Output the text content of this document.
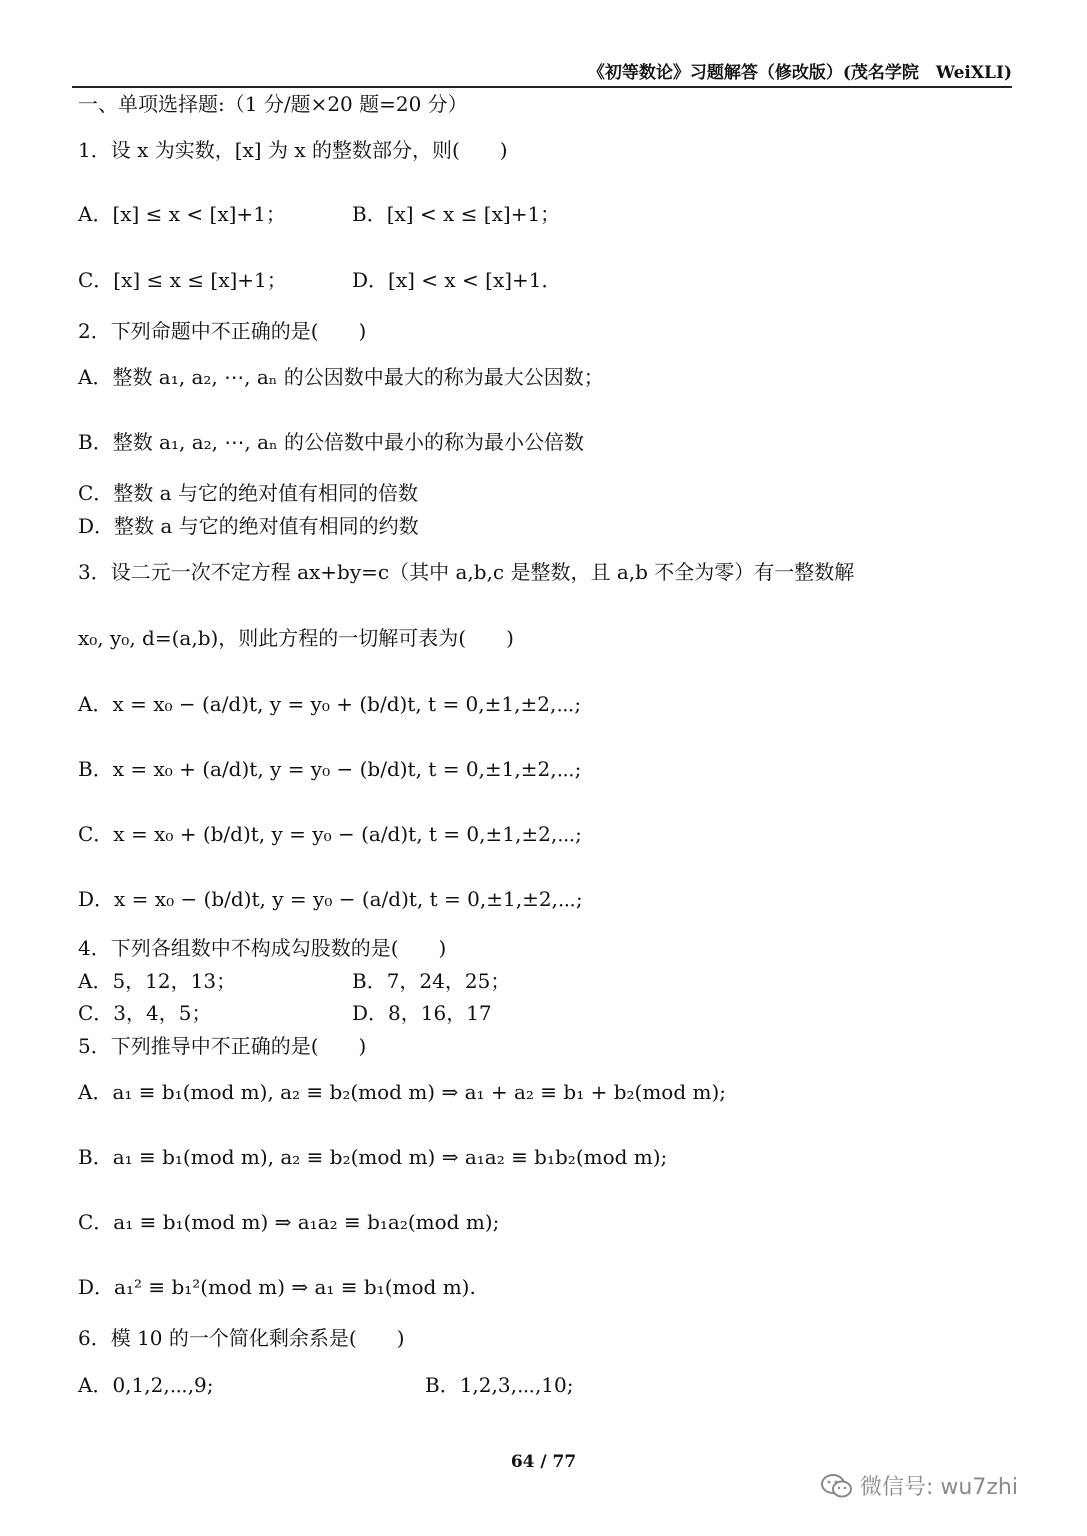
《初等数论》习题解答（修改版）(茂名学院　WeiXLI)
一、单项选择题:（1 分/题×20 题=20 分）
1．设 x 为实数，[x] 为 x 的整数部分，则(　　)
A．[x] ≤ x < [x]+1；
C．[x] ≤ x ≤ [x]+1；
2．下列命题中不正确的是(　　)
A．整数 a₁, a₂, ⋯, aₙ 的公因数中最大的称为最大公因数；
B．整数 a₁, a₂, ⋯, aₙ 的公倍数中最小的称为最小公倍数
C．整数 a 与它的绝对值有相同的倍数
D．整数 a 与它的绝对值有相同的约数
3．设二元一次不定方程 ax+by=c（其中 a,b,c 是整数，且 a,b 不全为零）有一整数解
x₀, y₀, d=(a,b)，则此方程的一切解可表为(　　)
A．x = x₀ − (a/d)t, y = y₀ + (b/d)t, t = 0,±1,±2,⋯;
B．x = x₀ + (a/d)t, y = y₀ − (b/d)t, t = 0,±1,±2,⋯;
C．x = x₀ + (b/d)t, y = y₀ − (a/d)t, t = 0,±1,±2,⋯;
D．x = x₀ − (b/d)t, y = y₀ − (a/d)t, t = 0,±1,±2,⋯;
4．下列各组数中不构成勾股数的是(　　)
A．5，12，13；
C．3，4，5；
5．下列推导中不正确的是(　　)
A．a₁ ≡ b₁(mod m), a₂ ≡ b₂(mod m) ⇒ a₁ + a₂ ≡ b₁ + b₂(mod m);
B．a₁ ≡ b₁(mod m), a₂ ≡ b₂(mod m) ⇒ a₁a₂ ≡ b₁b₂(mod m);
C．a₁ ≡ b₁(mod m) ⇒ a₁a₂ ≡ b₁a₂(mod m);
D．a₁² ≡ b₁²(mod m) ⇒ a₁ ≡ b₁(mod m).
6．模 10 的一个简化剩余系是(　　)
A．0,1,2,⋯,9;
B．[x] < x ≤ [x]+1；
D．[x] < x < [x]+1．
B．7，24，25；
D．8，16，17
B．1,2,3,⋯,10;
64 / 77
微信号: wu7zhi
